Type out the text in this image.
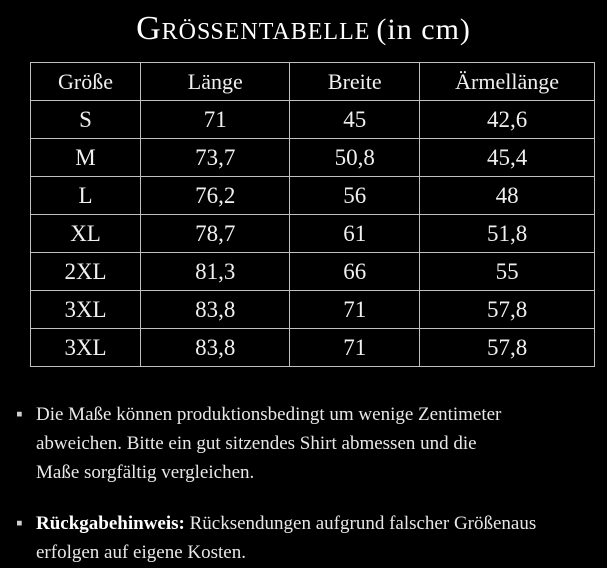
Größentabelle (in cm)
Größe	Länge	Breite	Ärmellänge
S	71	45	42,6
M	73,7	50,8	45,4
L	76,2	56	48
XL	78,7	61	51,8
2XL	81,3	66	55
3XL	83,8	71	57,8
3XL	83,8	71	57,8
▪ Die Maße können produktionsbedingt um wenige Zentimeter
abweichen. Bitte ein gut sitzendes Shirt abmessen und die
Maße sorgfältig vergleichen.
▪ Rückgabehinweis: Rücksendungen aufgrund falscher Größenaus
erfolgen auf eigene Kosten.
